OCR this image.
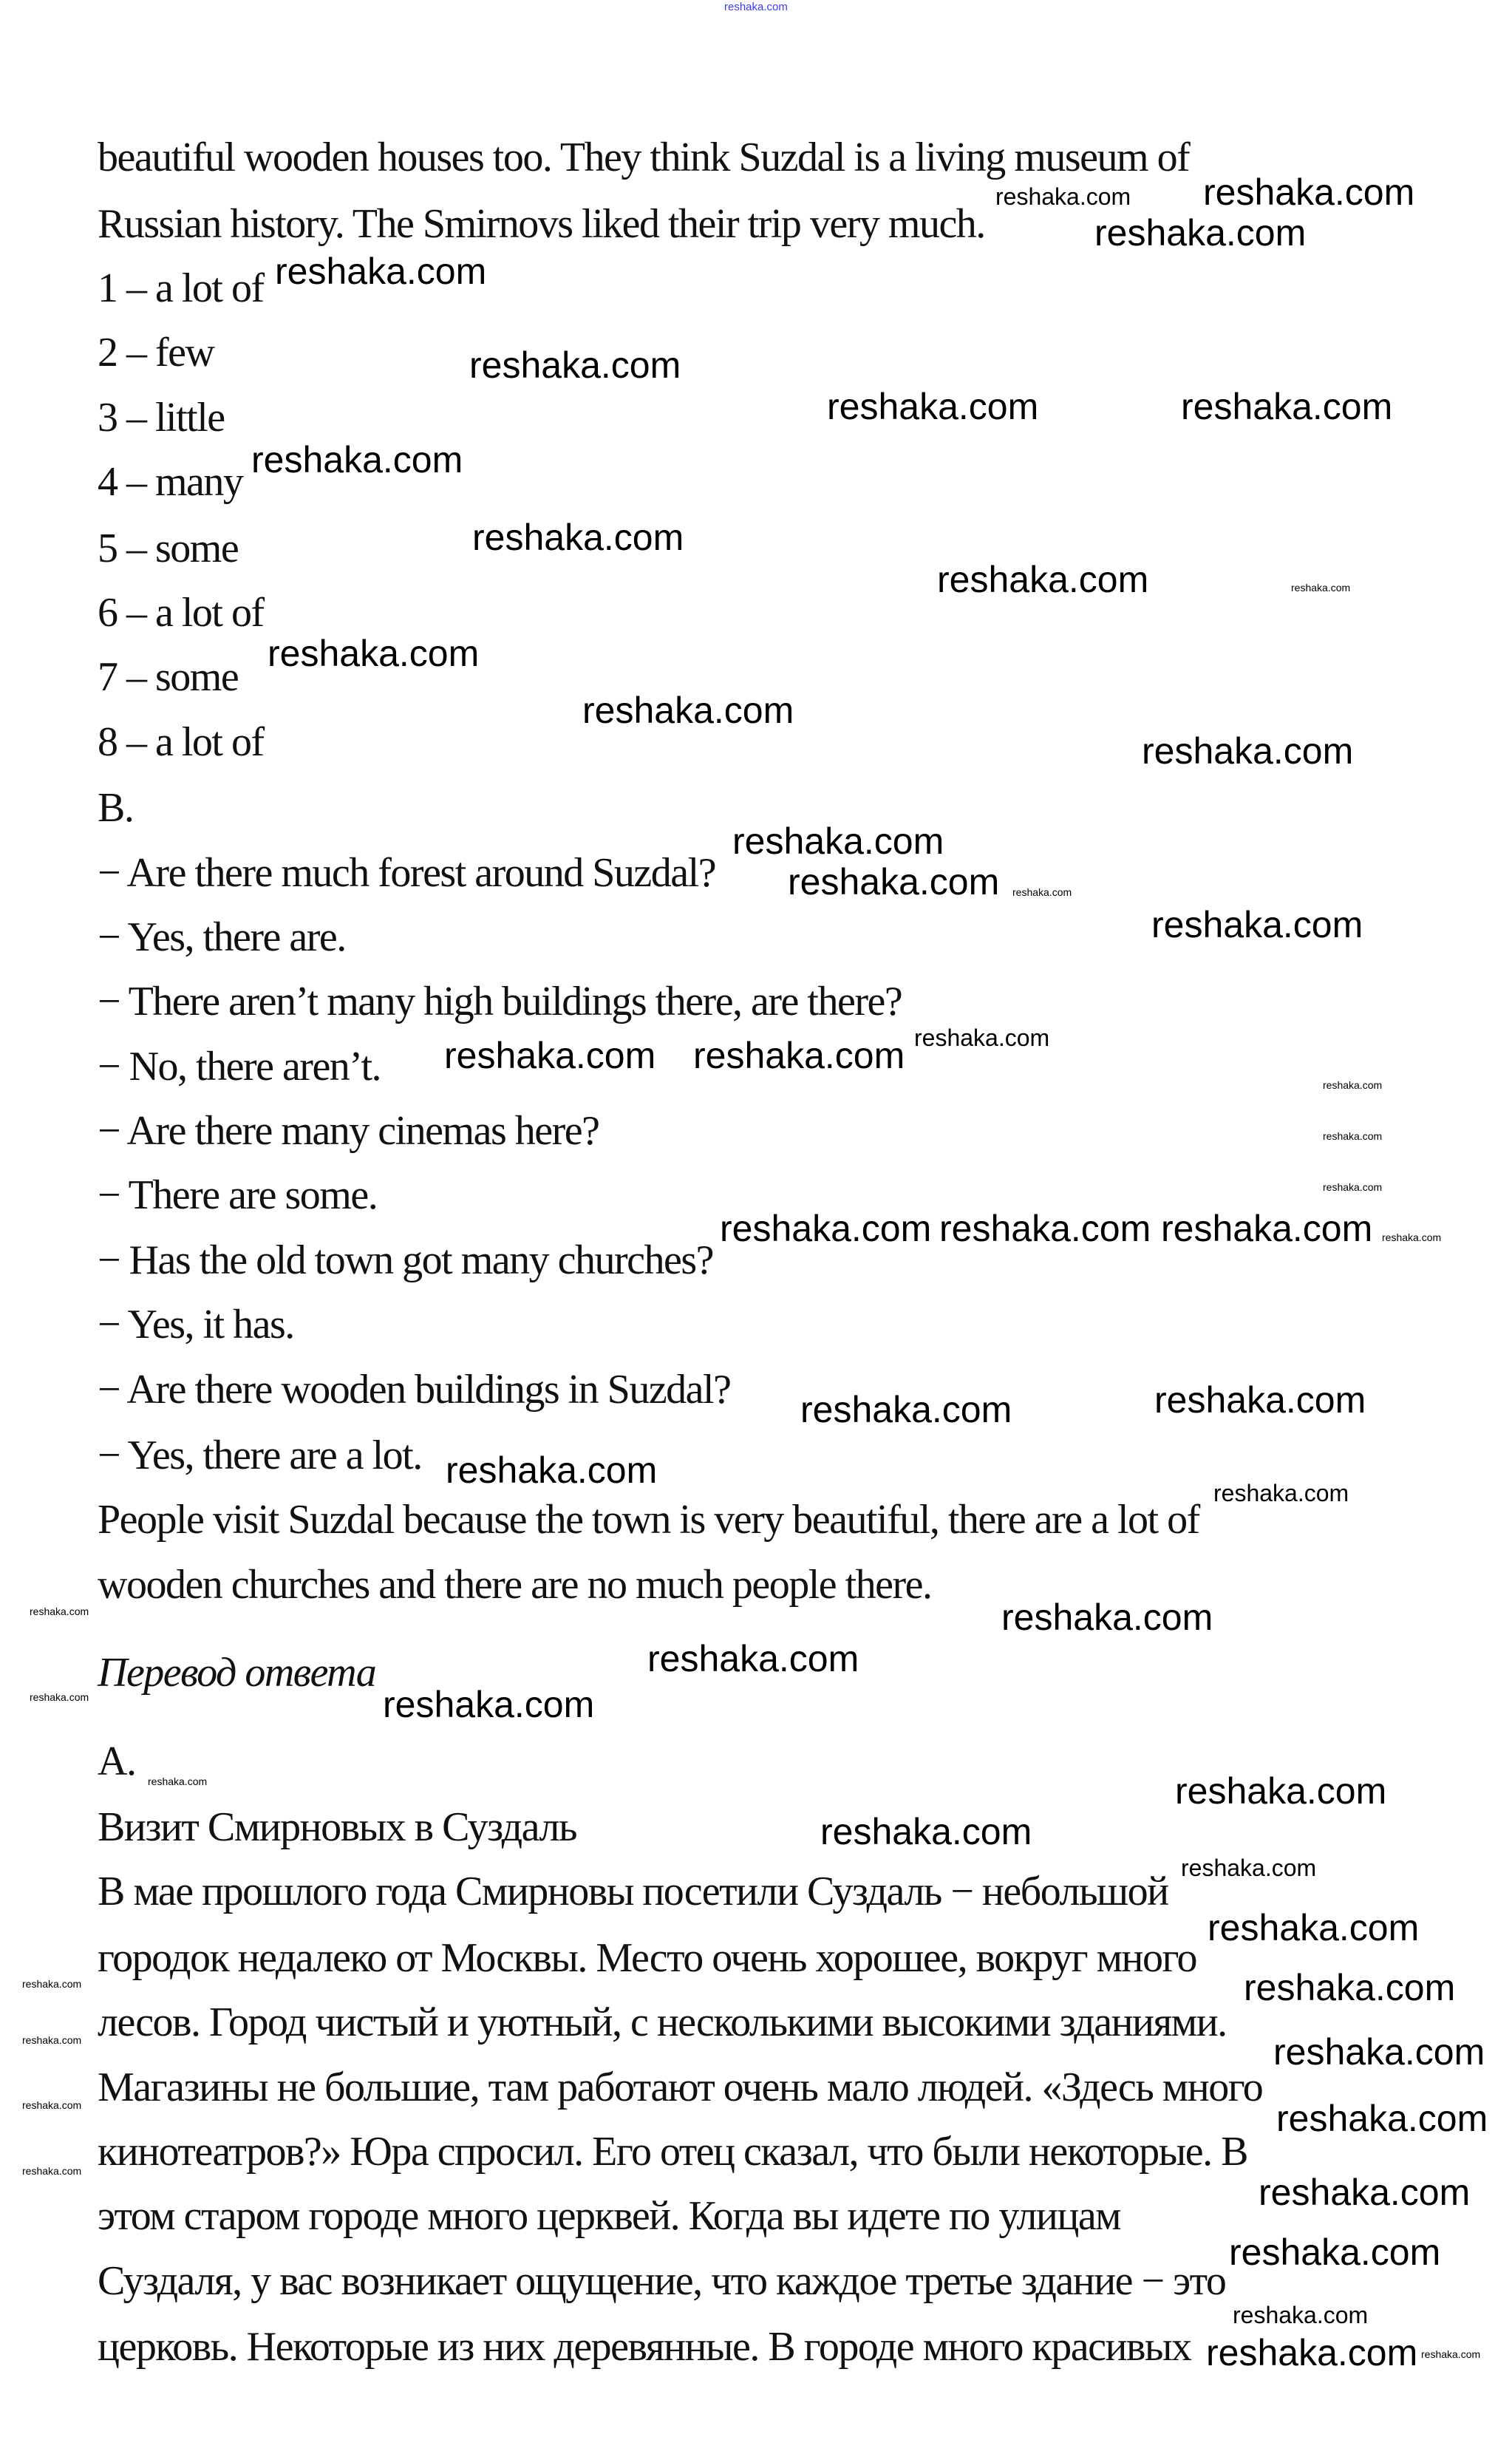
reshaka.com
beautiful wooden houses too. They think Suzdal is a living museum of
Russian history. The Smirnovs liked their trip very much.
1 – a lot of
2 – few
3 – little
4 – many
5 – some
6 – a lot of
7 – some
8 – a lot of
B.
− Are there much forest around Suzdal?
− Yes, there are.
− There aren’t many high buildings there, are there?
− No, there aren’t.
− Are there many cinemas here?
− There are some.
− Has the old town got many churches?
− Yes, it has.
− Are there wooden buildings in Suzdal?
− Yes, there are a lot.
People visit Suzdal because the town is very beautiful, there are a lot of
wooden churches and there are no much people there.
Перевод ответа
А.
Визит Смирновых в Суздаль
В мае прошлого года Смирновы посетили Суздаль − небольшой
городок недалеко от Москвы. Место очень хорошее, вокруг много
лесов. Город чистый и уютный, с несколькими высокими зданиями.
Магазины не большие, там работают очень мало людей. «Здесь много
кинотеатров?» Юра спросил. Его отец сказал, что были некоторые. В
этом старом городе много церквей. Когда вы идете по улицам
Суздаля, у вас возникает ощущение, что каждое третье здание − это
церковь. Некоторые из них деревянные. В городе много красивых
reshaka.com
reshaka.com
reshaka.com
reshaka.com
reshaka.com
reshaka.com	reshaka.com
reshaka.com
reshaka.com
reshaka.com	reshaka.com
reshaka.com
reshaka.com
reshaka.com
reshaka.com
reshaka.com
reshaka.com
reshaka.com
reshaka.com reshaka.com
reshaka.com reshaka.com reshaka.com
reshaka.com	reshaka.com
reshaka.com
reshaka.com
reshaka.com
reshaka.com
reshaka.com
reshaka.com
reshaka.com
reshaka.com
reshaka.com
reshaka.com
reshaka.com
reshaka.com
reshaka.com
reshaka.com
reshaka.com
reshaka.com
reshaka.com
reshaka.com
reshaka.com
reshaka.com
reshaka.com
reshaka.com
reshaka.com
reshaka.com
reshaka.com
reshaka.com
reshaka.com
reshaka.com
reshaka.com
